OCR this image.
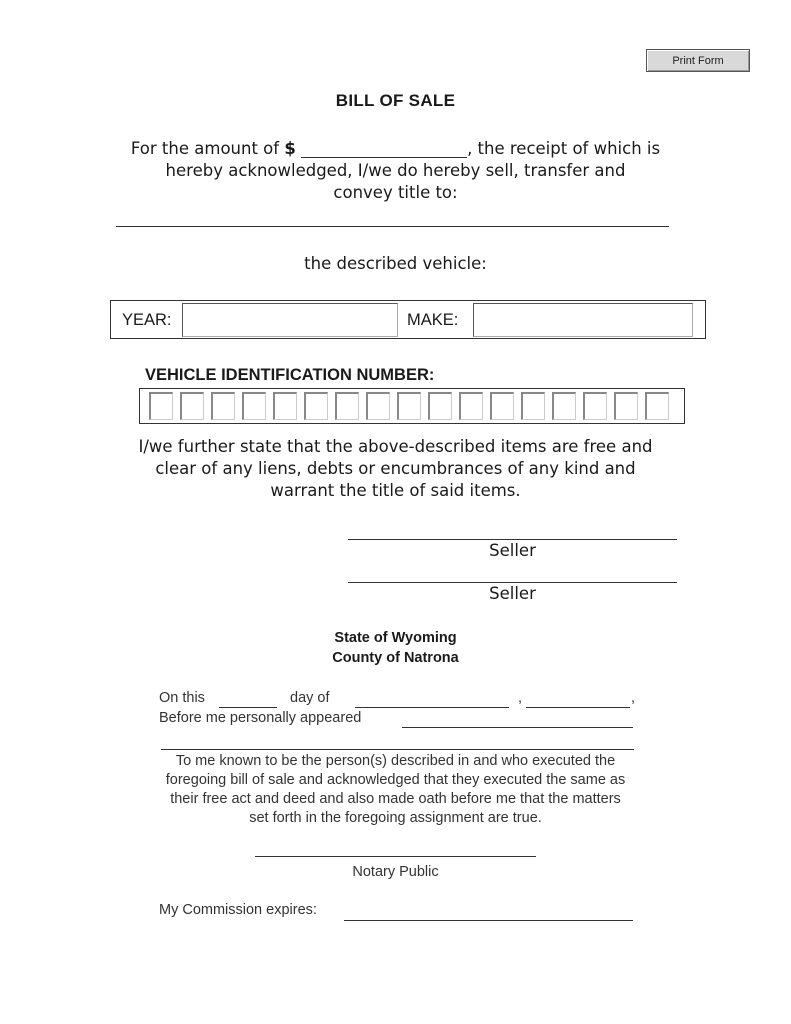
Print Form
BILL OF SALE
For the amount of $	, the receipt of which is
hereby acknowledged, I/we do hereby sell, transfer and
convey title to:
the described vehicle:
YEAR:	MAKE:
VEHICLE IDENTIFICATION NUMBER:
I/we further state that the above-described items are free and
clear of any liens, debts or encumbrances of any kind and
warrant the title of said items.
Seller
Seller
State of Wyoming
County of Natrona
On this	day of	,	,
Before me personally appeared
To me known to be the person(s) described in and who executed the
foregoing bill of sale and acknowledged that they executed the same as
their free act and deed and also made oath before me that the matters
set forth in the foregoing assignment are true.
Notary Public
My Commission expires:
